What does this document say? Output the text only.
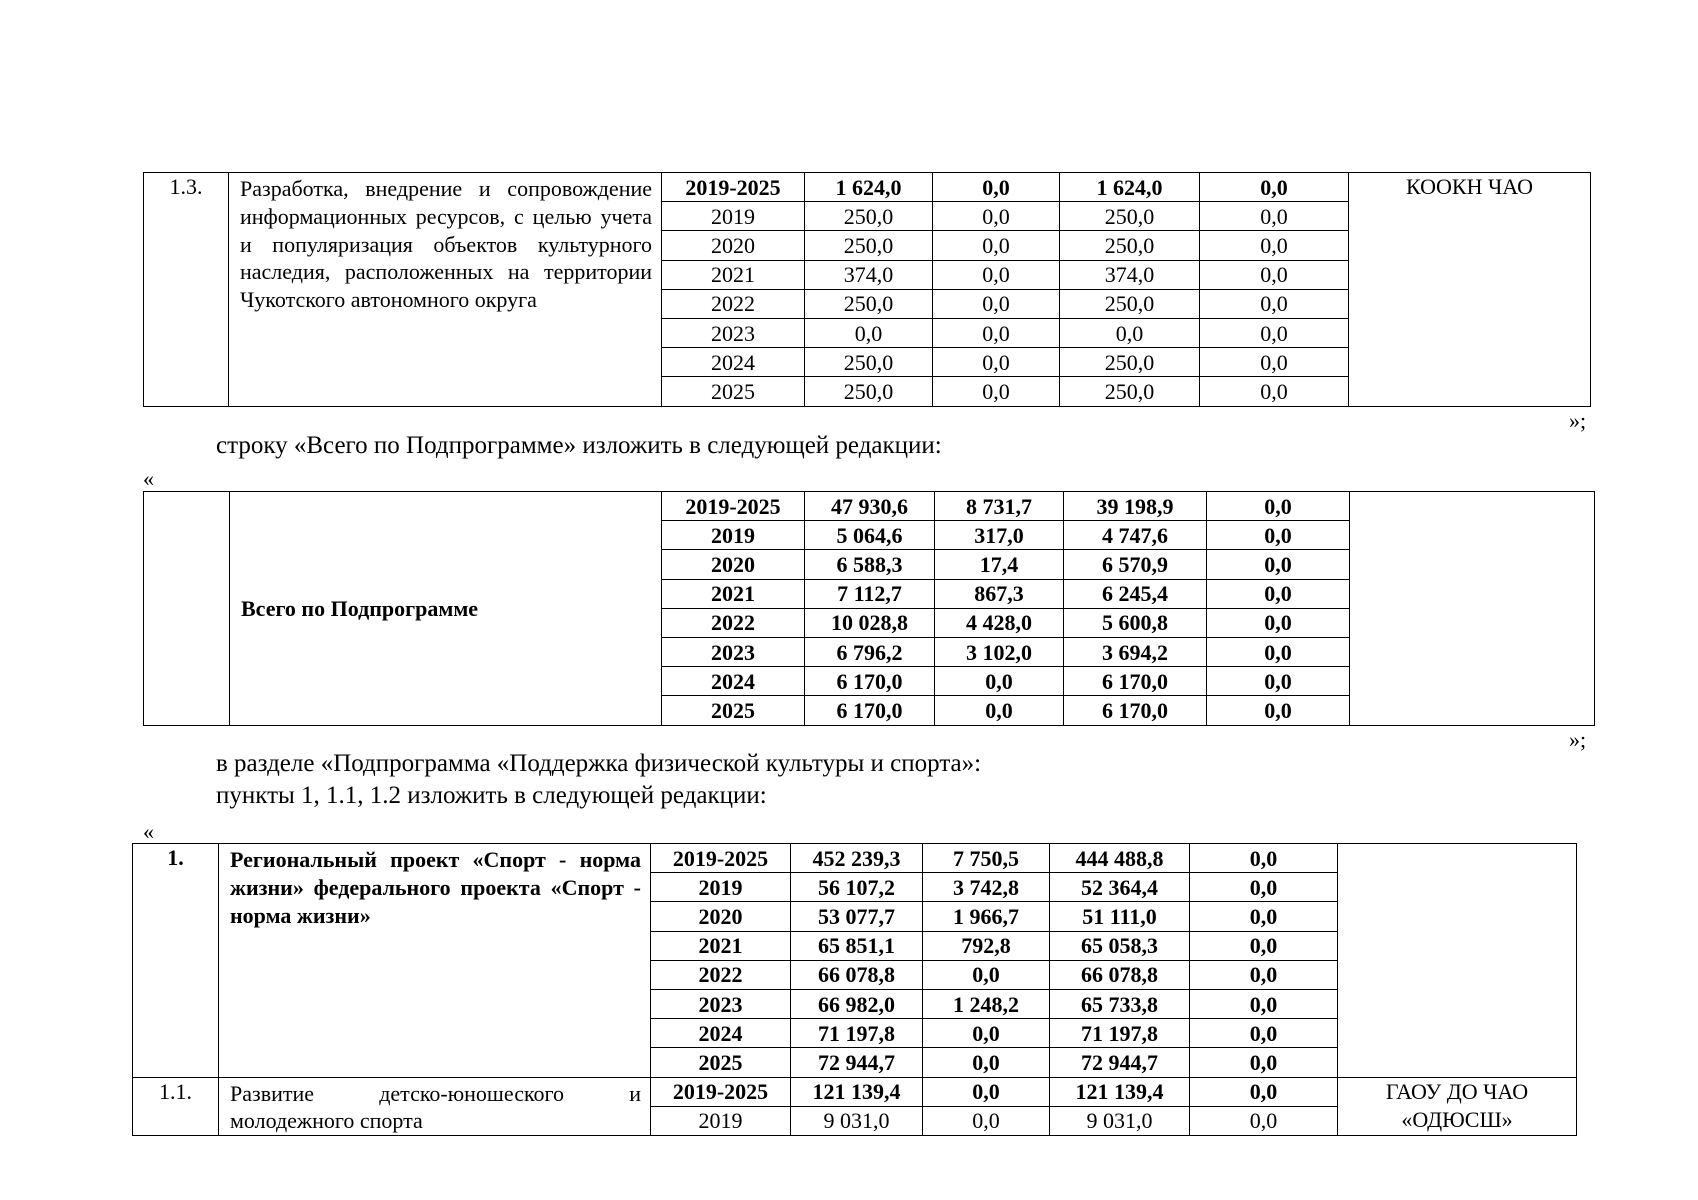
1.3.	Разработка, внедрение и сопровождение информационных ресурсов, с целью учета и популяризация объектов культурного наследия, расположенных на территории Чукотского автономного округа	2019-2025	1 624,0	0,0	1 624,0	0,0	КООКН ЧАО
		2019	250,0	0,0	250,0	0,0	
		2020	250,0	0,0	250,0	0,0	
		2021	374,0	0,0	374,0	0,0	
		2022	250,0	0,0	250,0	0,0	
		2023	0,0	0,0	0,0	0,0	
		2024	250,0	0,0	250,0	0,0	
		2025	250,0	0,0	250,0	0,0	
»;
строку «Всего по Подпрограмме» изложить в следующей редакции:
«
	Всего по Подпрограмме	2019-2025	47 930,6	8 731,7	39 198,9	0,0	
		2019	5 064,6	317,0	4 747,6	0,0	
		2020	6 588,3	17,4	6 570,9	0,0	
		2021	7 112,7	867,3	6 245,4	0,0	
		2022	10 028,8	4 428,0	5 600,8	0,0	
		2023	6 796,2	3 102,0	3 694,2	0,0	
		2024	6 170,0	0,0	6 170,0	0,0	
		2025	6 170,0	0,0	6 170,0	0,0	
»;
в разделе «Подпрограмма «Поддержка физической культуры и спорта»:
пункты 1, 1.1, 1.2 изложить в следующей редакции:
«
1.	Региональный проект «Спорт - норма жизни» федерального проекта «Спорт - норма жизни»	2019-2025	452 239,3	7 750,5	444 488,8	0,0	
		2019	56 107,2	3 742,8	52 364,4	0,0	
		2020	53 077,7	1 966,7	51 111,0	0,0	
		2021	65 851,1	792,8	65 058,3	0,0	
		2022	66 078,8	0,0	66 078,8	0,0	
		2023	66 982,0	1 248,2	65 733,8	0,0	
		2024	71 197,8	0,0	71 197,8	0,0	
		2025	72 944,7	0,0	72 944,7	0,0	
1.1.	Развитие детско-юношеского и молодежного спорта	2019-2025	121 139,4	0,0	121 139,4	0,0	ГАОУ ДО ЧАО «ОДЮСШ»
		2019	9 031,0	0,0	9 031,0	0,0	
